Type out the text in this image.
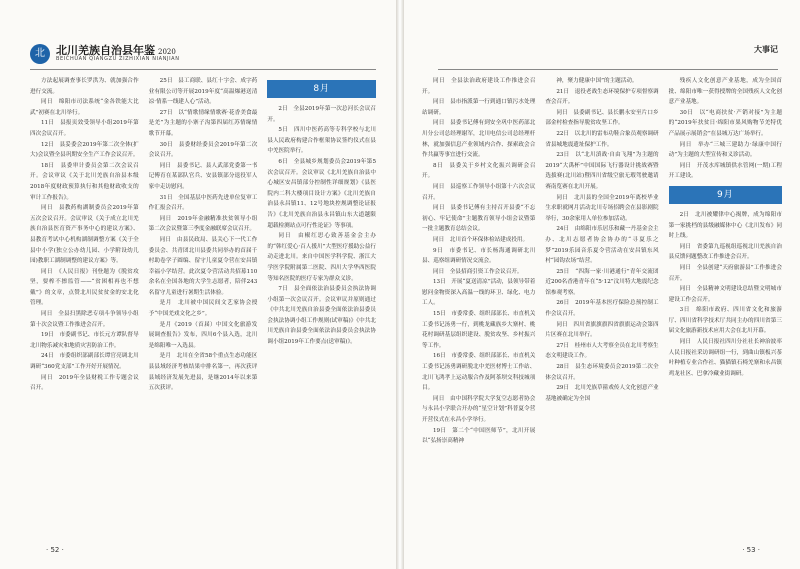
北	北川羌族自治县年鉴 2020
BEICHUAN QIANGZU ZIZHIXIAN NIANJIAN

方法起展调查事长罗洪为、就加强合作进行交流。

同日　绵阳市司法系统“金各铁能大比武”初赛在北川举行。

11日　县报页效受领导小组2019年第四次会议召开。

12日　县妥委会2019年第二次全体(扩大)会议暨全县巩期安全生产工作会议召开。

18日　县委审计委员会第二次会议召开。会议审议《关于北川羌族自治县本级2018年度财政预算执行和其他财政收支的审计工作报告》。

同日　县教药构湖制委员会2019年第五次会议召开。会议审议《关于成立北川羌族自治县医育资产事务中心的建议方案》、县教育考试中心机构湖制调整方案《关于全县中小学(独立公办幼儿园、小学附设幼儿园)教职工湖制调整的建议方案》等。

同日　《人民日报》刊登题为《脱贫攻坚，要榨不擦监管——“贫困相再也不想戴”》的文章，点赞北川民贫贫金的安北化管理。

同日　全县扫黑除恶专项斗争领导小组第十次会议暨工作推进会召开。

19日　市委副书记、市长元方谭队督导北川物乐减灾和地质灾害防治工作。

24日　市委组织部副部长谭官亮调北川调研“360党支部”工作开好开展情况。

同日　2019年全县财税工作专题会议召开。

25日　县工商联、县红十字会、成字药业有限公司等开展2019年度“高温爆港送清凉·情系一线建人心”活动。

27日　以“情歌情缘情歌赛·花香美食最是羌”为主题的小寨子沟第四届红苏情缘情歌节开幕。

30日　县委财经委员会2019年第二次会议召开。

同日　县委书记、县人武部党委第一书记傅育在某部队官兵、安县镇部分退役军人家中走访慰问。

31日　全国基层中医药先进单位复审工作汇报会召开。

同日　2019年金融精准扶贫领导小组第二次会议暨第三季度金融联席会议召开。

同日　由县民政局、县关心下一代工作委员会、共青团北川县委共同举办的首届千村助卷学子圆编、留守儿童夏令营在安昌镇幸福小学结营。此次夏令营活动共招募110余名在全国各地的大学生志愿者，陪伴243名留守儿童进行暑期生活体验。

是月　北川被中国民间文艺家协会授予“中国羌戏文化之乡”。

是月《2019（首届）中国文化旅游发展调查报告》发布，四川6个县入选，北川是绵阳唯一入选县。

是月　北川在全省58个重点生态功能区县县域经济考核结果中排名第一，再次获评县域经济发展先进县，是继2014年以来第五次获评。

8月

2日　全县2019年第一次总河长会议召开。

5日　四川中医药高等专科学校与北川县人民政府构建合作框架协议签约仪式在县中羌医院举行。

6日　全县城乡规划委员会2019年第5次会议召开。会议审议《北川羌族自治县中心城区安昌镇部分控制性详细规划》《县医院内二科大楼项目设计方案》《北川羌族自治县永昌镇11、12号地块控规调整论证报告》《北川羌族自治县永昌镇山东大道越限超载检测站点可行性论证》等事项。

同日　由椒红思心致善基金会主办的“韩红爱心·百人援川”大型医疗援助公益行动走进北川。来自中国医学科学院、浙江大学医学院附属第二医院、四川大学华西医院等知名医院的医疗专家为群众义诊。

7日　县全面依法治县委员会执法协调小组第一次会议召开。会议审议并原则通过《中共北川羌族自治县委全面依法治县委员会执法协调小组工作规则(试审稿)》《中共北川羌族自治县委全面依法治县委员会执法协调小组2019年工作要点(送审稿)》。

· 52 ·
大事记

同日　全县法治政府建设工作推进会召开。

同日　县市指派第一行到通口镇污水处理站调研。

同日　县委书记傅有到安全巩中医药部北川分公司总经理谢军，北川电信公司总经理杆林，就加强信息产业领域内合作、探索政会合作共赢等事宜进行交流。

8日　县委关于乡村文化振兴调研会召开。

同日　县巡察工作领导小组第十六次会议召开。

同日　县委书记傅有主持召开县委“不忘初心、牢记使命”主题教育领导小组会议暨第一批主题教育总结会议。

同日　北川首个环保体检站建成投用。

9日　市委书记、市长杨海通调研北川县、巡察组调研情况交流会。

同日　全县招商引资工作会议召开。

13日　开展“夏送清凉”活动，县领导带着慰问金物资深入高温一线的环卫、绿化、电力工人。

15日　市委常委、组织部部长、市直机关工委书记汤勇一行，到桃龙藏族乡大寨村、桃花村调研基层组织建设、脱贫攻坚、乡村振兴等工作。

16日　市委常委、组织部部长、市直机关工委书记汤勇调研脱北中羌医材博士工作站、北川飞鸿孝上运动服合作及阿茶坝交科技城项目。

同日　由中国科学院大学复空志愿者协会与永昌小学联合开办的“星空计划”科普夏令营开营仪式在永昌小学举行。

19日　第二个“中国医师节”，北川开展以“弘扬崇高精神

神，聚力健康中国”的主题活动。

21日　退役老战生态环境保护专项督察调查会召开。

同日　县委副书记、县长鹏永安至片口乡部金村检查指导脱贫攻坚工作。

22日　以北川的雷布功鞋合象员观察调研省县城地震遗址保护工作。

23日　以“北川滇战·自由飞翔”为主题的2019“大禹杯”中国国际飞行器设计挑战赛暨选拔赛(北川站)暨四川省级空旅无瑕驾驶邀请赛南览赛在北川开展。

同日　北川县的全国全2019年离校毕业生求职就网月活动北川专场招聘会在县影剧院举行，30余家用人单位参加活动。

24日　由绵阳市乐居乐和藏一丹基金会主办、北川志愿者协会协办的“寻夏乐之梦”2019乐园音乐夏令营活动在安昌镇东风村“园钩农场”结营。

25日　“四海一家·川港通行”青年交流团近200名香港青年在“5·12”汶川特大地震纪念馆参观考察。

26日　2019年基本医疗保险总预控制工作会议召开。

同日　四川省旗旗旗四省旗旗运动会第四片区赛在北川举行。

27日　桂州市人大考察全员在北川考察生态文明建设工作。

28日　县生态环境委员会2019第二次全体会议召开。

29日　北川羌族草箍戏传人文化创意产业基地被确定为全国

残疾人文化创意产业基地，成为全国首批、绵阳市唯一获得授牌的全国残疾人文化创意产业基地。

30日　以“电商扶贫·产销对接”为主题的“2019年扶贫日·绵阳市果风购物节羌特优产品展示展销会”在县城万达广场举行。

同日　举办“三城三建助力·绿康中国行动”为主题的大型宣传和义诊活动。

同日　开茂水库城镇供水管网(一期)工程开工建设。

9月

2日　北川被耀律中心揭牌，成为绵阳市第一家挑档的县级融媒体中心《北川发布》同时上线。

同日　省委第九巡视组巡视北川羌族自治县反馈问题整改工作推进会召开。

同日　全县创建“天府旅游县”工作推进会召开。

同日　全县精神文明建设总结暨文明城市建设工作会召开。

3日　绵阳市政府、四川省文化和旅游厅、四川省科学技术厅共同主办的四川省第三届文化旅游新技术应用大会在北川开幕。

同日　人民日报社四川分社社长神治波率人民日报社采访调研组一行，到曲山镇板兴茶叶种植专业合作社、猫猫镇石椅羌寨和永昌镇鸡龙社区、巴拿冷藏业街调研。

· 53 ·
